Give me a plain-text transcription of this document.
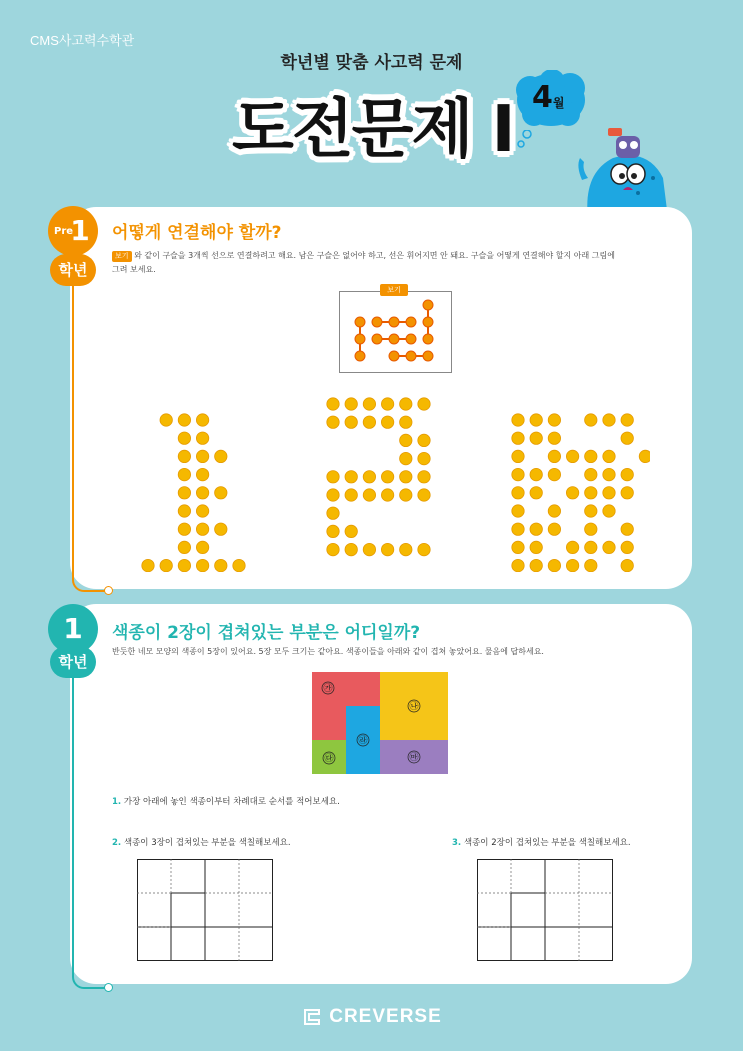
CMS사고력수학관
학년별 맞춤 사고력 문제
도전문제 I 4월
Pre
1
학년
어떻게 연결해야 할까?
보기 와 같이 구슬을 3개씩 선으로 연결하려고 해요. 남은 구슬은 없어야 하고, 선은 휘어지면 안 돼요. 구슬을 어떻게 연결해야 할지 아래 그림에
그려 보세요.
보기
1
학년
색종이 2장이 겹쳐있는 부분은 어디일까?
반듯한 네모 모양의 색종이 5장이 있어요. 5장 모두 크기는 같아요. 색종이들을 아래와 같이 겹쳐 놓았어요. 물음에 답하세요.
㉮
㉯
㉰
㉱
㉲
1. 가장 아래에 놓인 색종이부터 차례대로 순서를 적어보세요.
2. 색종이 3장이 겹쳐있는 부분을 색칠해보세요.	3. 색종이 2장이 겹쳐있는 부분을 색칠해보세요.
CREVERSE
